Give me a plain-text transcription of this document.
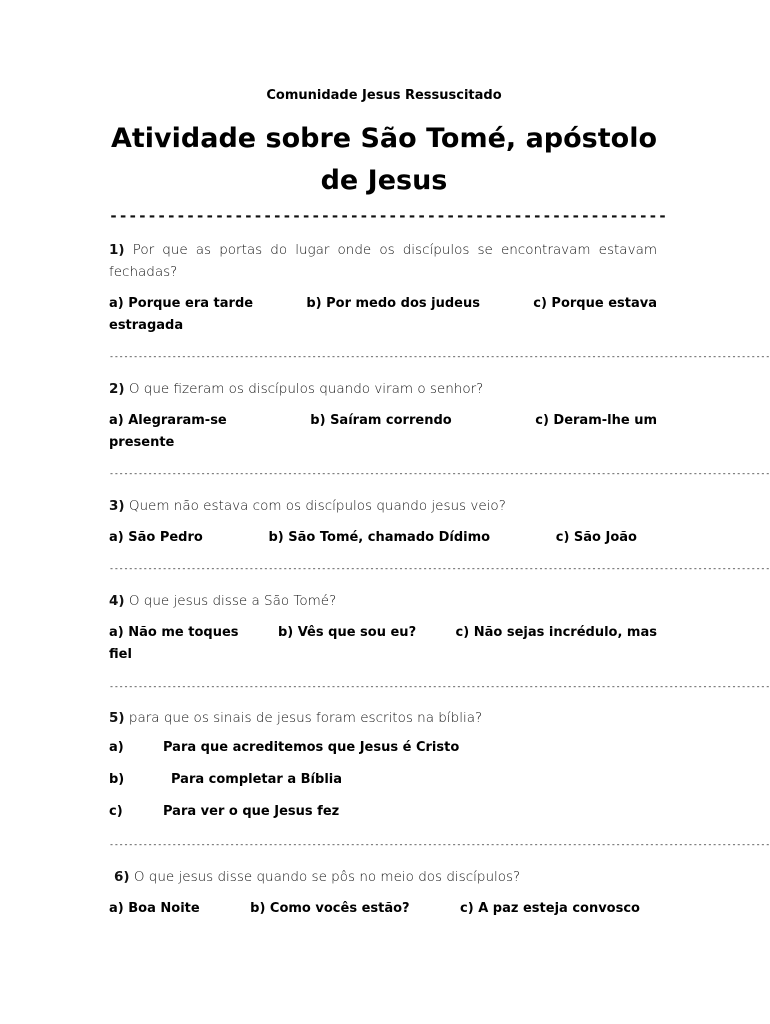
Comunidade Jesus Ressuscitado
Atividade sobre São Tomé, apóstolo de Jesus
----------------------------------------------------------
1) Por que as portas do lugar onde os discípulos se encontravam estavam fechadas?
a) Porque era tarde	b) Por medo dos judeus	c) Porque estava
estragada
-----------------------------------------------------------------------------------------------------------------------------------------
2) O que fizeram os discípulos quando viram o senhor?
a) Alegraram-se	b) Saíram correndo	c) Deram-lhe um
presente
-----------------------------------------------------------------------------------------------------------------------------------------
3) Quem não estava com os discípulos quando jesus veio?
a) São Pedro	b) São Tomé, chamado Dídimo	c) São João
-----------------------------------------------------------------------------------------------------------------------------------------
4) O que jesus disse a São Tomé?
a) Não me toques	b) Vês que sou eu?	c) Não sejas incrédulo, mas
fiel
-----------------------------------------------------------------------------------------------------------------------------------------
5) para que os sinais de jesus foram escritos na bíblia?
a)	Para que acreditemos que Jesus é Cristo
b)	Para completar a Bíblia
c)	Para ver o que Jesus fez
-----------------------------------------------------------------------------------------------------------------------------------------
6) O que jesus disse quando se pôs no meio dos discípulos?
a) Boa Noite	b) Como vocês estão?	c) A paz esteja convosco
